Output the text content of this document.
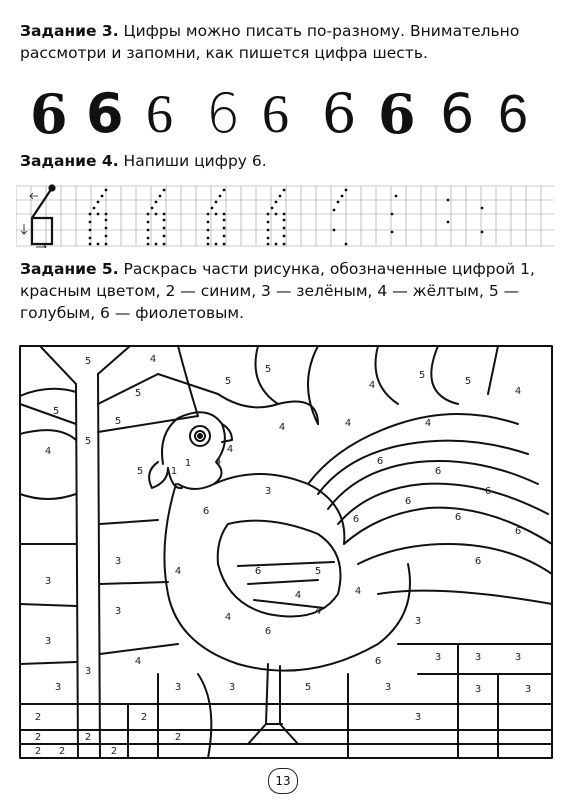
Задание 3. Цифры можно писать по-разному. Внимательно рассмотри и запомни, как пишется цифра шесть.
6 6 6 6 6 6 6 6 6
Задание 4. Напиши цифру 6.
Задание 5. Раскрась части рисунка, обозначенные цифрой 1, красным цветом, 2 — синим, 3 — зелёным, 4 — жёлтым, 5 — голубым, 6 — фиолетовым.
5
5
4
4
5
5
5
4
5
5
4
4
5
5
4
4
6
6
6
5	1
1
3
6
6
6
6
3
3
3
3
6
6
4
6
4
5
4
4	3
6
4
3
2
3
3
4
3	3	5
6
3
3	3
3	3
3
2
2 2
2
2
2
2
4
4
13
